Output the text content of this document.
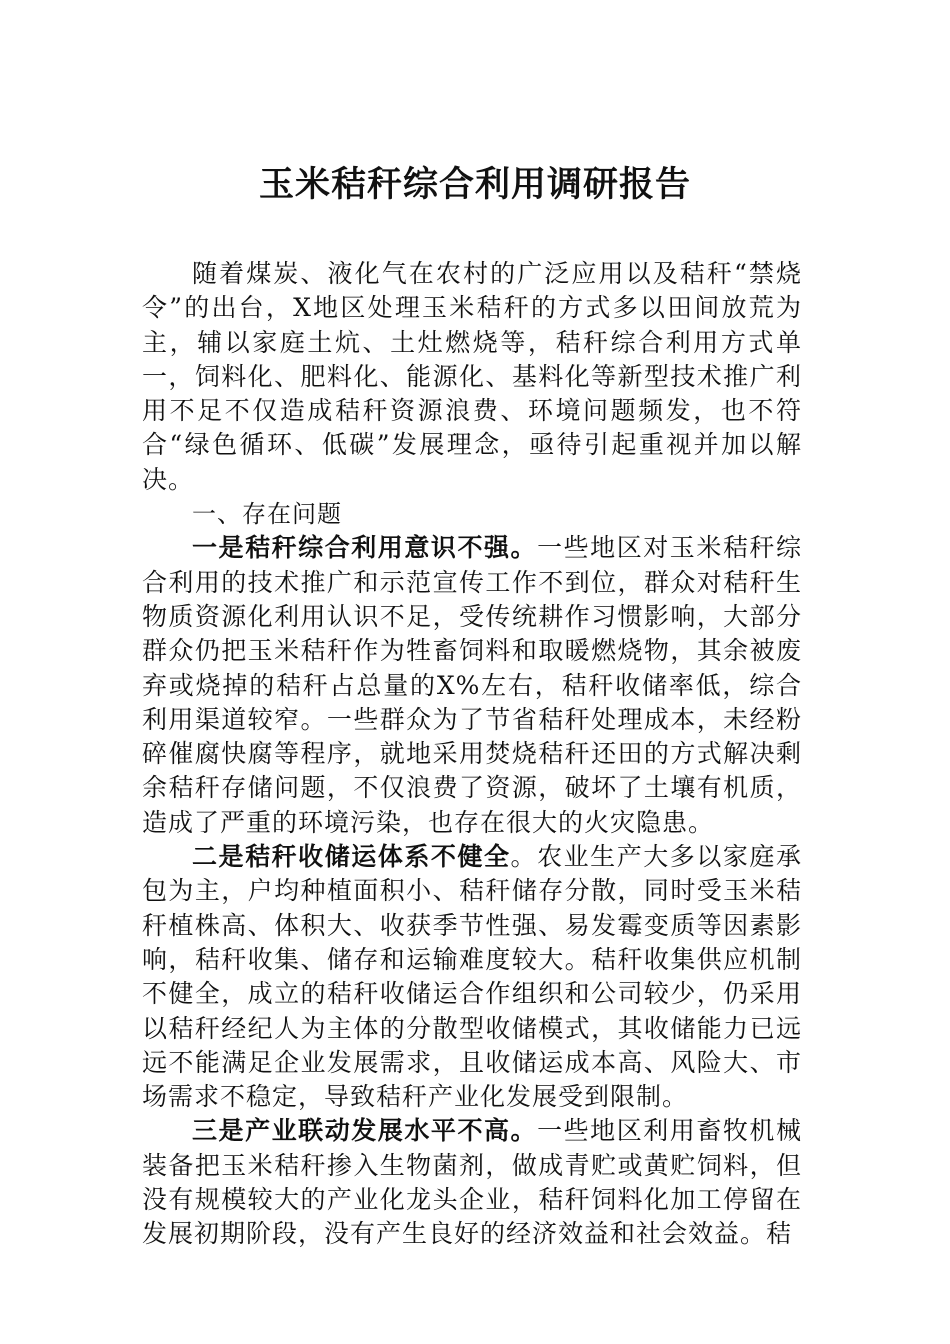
玉米秸秆综合利用调研报告

随着煤炭、液化气在农村的广泛应用以及秸秆“禁烧令”的出台，X地区处理玉米秸秆的方式多以田间放荒为主，辅以家庭土炕、土灶燃烧等，秸秆综合利用方式单一，饲料化、肥料化、能源化、基料化等新型技术推广利用不足不仅造成秸秆资源浪费、环境问题频发，也不符合“绿色循环、低碳”发展理念，亟待引起重视并加以解决。

一、存在问题

一是秸秆综合利用意识不强。一些地区对玉米秸秆综合利用的技术推广和示范宣传工作不到位，群众对秸秆生物质资源化利用认识不足，受传统耕作习惯影响，大部分群众仍把玉米秸秆作为牲畜饲料和取暖燃烧物，其余被废弃或烧掉的秸秆占总量的X%左右，秸秆收储率低，综合利用渠道较窄。一些群众为了节省秸秆处理成本，未经粉碎催腐快腐等程序，就地采用焚烧秸秆还田的方式解决剩余秸秆存储问题，不仅浪费了资源，破坏了土壤有机质，造成了严重的环境污染，也存在很大的火灾隐患。

二是秸秆收储运体系不健全。农业生产大多以家庭承包为主，户均种植面积小、秸秆储存分散，同时受玉米秸秆植株高、体积大、收获季节性强、易发霉变质等因素影响，秸秆收集、储存和运输难度较大。秸秆收集供应机制不健全，成立的秸秆收储运合作组织和公司较少，仍采用以秸秆经纪人为主体的分散型收储模式，其收储能力已远远不能满足企业发展需求，且收储运成本高、风险大、市场需求不稳定，导致秸秆产业化发展受到限制。

三是产业联动发展水平不高。一些地区利用畜牧机械装备把玉米秸秆掺入生物菌剂，做成青贮或黄贮饲料，但没有规模较大的产业化龙头企业，秸秆饲料化加工停留在发展初期阶段，没有产生良好的经济效益和社会效益。秸
